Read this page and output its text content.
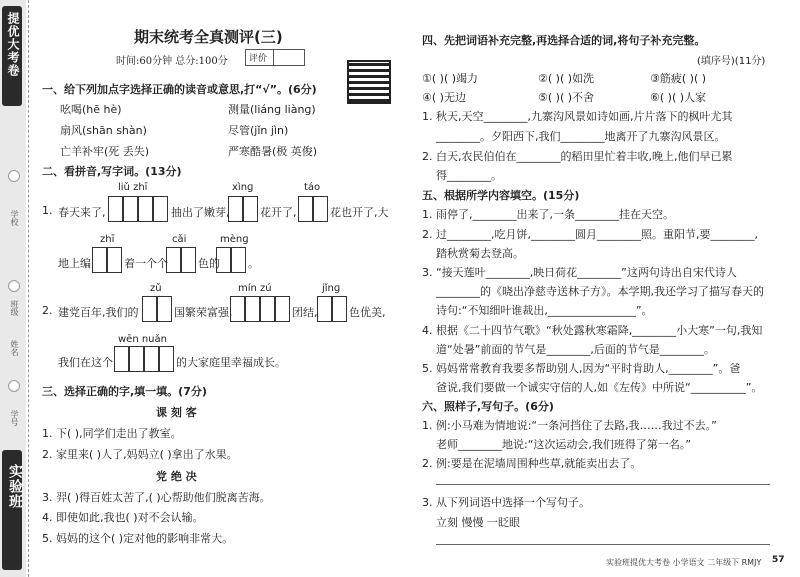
提优大考卷
实验班
学校
班级
姓名
学号
期末统考全真测评(三)
时间:60分钟 总分:100分 评价
一、给下列加点字选择正确的读音或意思,打“√”。(6分)
吆喝(hē hè)	测量(liánɡ liànɡ)
扇风(shān shàn)	尽管(jǐn jìn)
亡羊补牢(死 丢失)	严寒酷暑(极 英俊)
二、看拼音,写字词。(13分)
liǔ zhī	xìnɡ	táo
1. 春天来了,	抽出了嫩芽,	花开了,	花也开了,大
zhī	cǎi	mènɡ
地上编	着一个个	色的	。
zǔ	mín zú	jǐnɡ
2. 建党百年,我们的	国繁荣富强,	团结,	色优美,
wēn nuǎn
我们在这个	的大家庭里幸福成长。
三、选择正确的字,填一填。(7分)
课 刻 客
1. 下( ),同学们走出了教室。
2. 家里来( )人了,妈妈立( )拿出了水果。
党 绝 决
3. 羿( )得百姓太苦了,( )心帮助他们脱离苦海。
4. 即使如此,我也( )对不会认输。
5. 妈妈的这个( )定对他的影响非常大。
四、先把词语补充完整,再选择合适的词,将句子补充完整。
(填序号)(11分)
①( )( )竭力	②( )( )如洗	③筋疲( )( )
④( )无边	⑤( )( )不舍	⑥( )( )人家
1. 秋天,天空________,九寨沟风景如诗如画,片片落下的枫叶尤其
________。夕阳西下,我们________地离开了九寨沟风景区。
2. 白天,农民伯伯在________的稻田里忙着丰收,晚上,他们早已累
得________。
五、根据所学内容填空。(15分)
1. 雨停了,________出来了,一条________挂在天空。
2. 过________,吃月饼,________圆月________照。重阳节,要________,
踏秋赏菊去登高。
3. “接天莲叶________,映日荷花________”这两句诗出自宋代诗人
________的《晓出净慈寺送林子方》。本学期,我还学习了描写春天的
诗句:“不知细叶谁裁出,________________”。
4. 根据《二十四节气歌》“秋处露秋寒霜降,________小大寒”一句,我知
道“处暑”前面的节气是________,后面的节气是________。
5. 妈妈常常教育我要多帮助别人,因为“平时肯助人,________”。爸
爸说,我们要做一个诚实守信的人,如《左传》中所说“__________”。
六、照样子,写句子。(6分)
1. 例:小马难为情地说:“一条河挡住了去路,我……我过不去。”
老师________地说:“这次运动会,我们班得了第一名。”
2. 例:要是在泥墙周围种些草,就能卖出去了。
3. 从下列词语中选择一个写句子。
立刻 慢慢 一眨眼
实验班提优大考卷 小学语文 二年级下 RMJY 57
